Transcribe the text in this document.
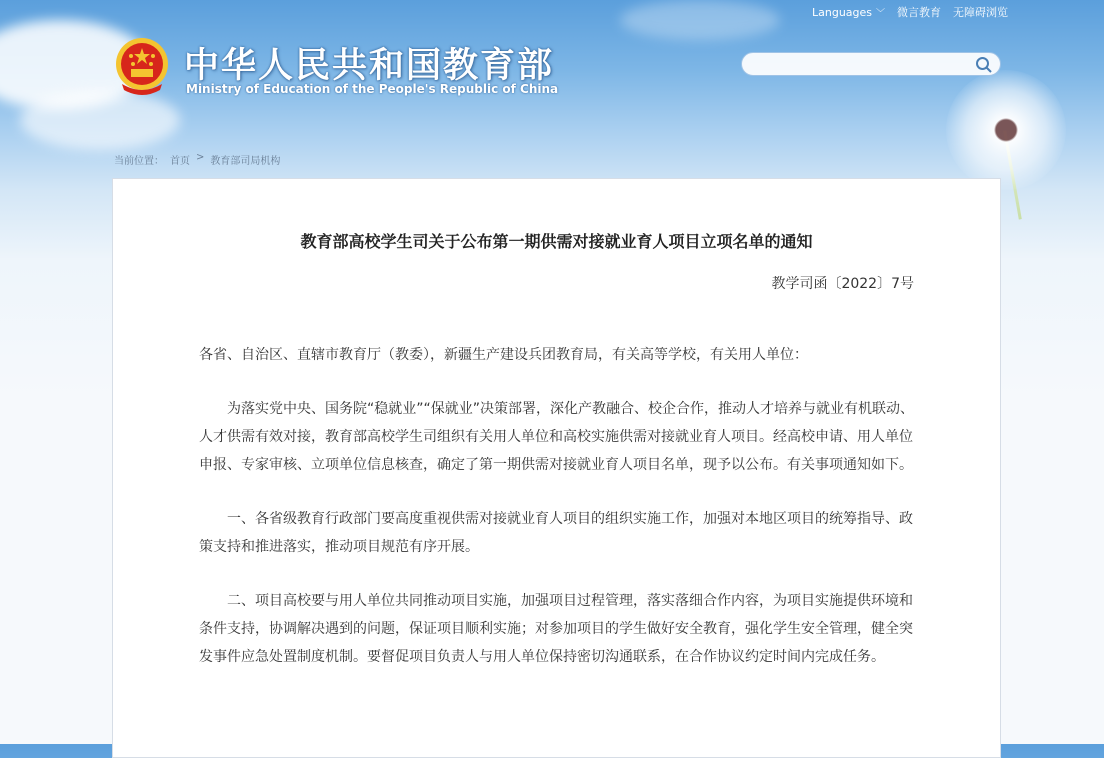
中华人民共和国教育部
Ministry of Education of the People's Republic of China
Languages ﹀ 微言教育 无障碍浏览
当前位置： 首页 > 教育部司局机构
教育部高校学生司关于公布第一期供需对接就业育人项目立项名单的通知
教学司函〔2022〕7号

各省、自治区、直辖市教育厅（教委），新疆生产建设兵团教育局，有关高等学校，有关用人单位：

为落实党中央、国务院“稳就业”“保就业”决策部署，深化产教融合、校企合作，推动人才培养与就业有机联动、人才供需有效对接，教育部高校学生司组织有关用人单位和高校实施供需对接就业育人项目。经高校申请、用人单位申报、专家审核、立项单位信息核查，确定了第一期供需对接就业育人项目名单，现予以公布。有关事项通知如下。

一、各省级教育行政部门要高度重视供需对接就业育人项目的组织实施工作，加强对本地区项目的统筹指导、政策支持和推进落实，推动项目规范有序开展。

二、项目高校要与用人单位共同推动项目实施，加强项目过程管理，落实落细合作内容，为项目实施提供环境和条件支持，协调解决遇到的问题，保证项目顺利实施；对参加项目的学生做好安全教育，强化学生安全管理，健全突发事件应急处置制度机制。要督促项目负责人与用人单位保持密切沟通联系，在合作协议约定时间内完成任务。
